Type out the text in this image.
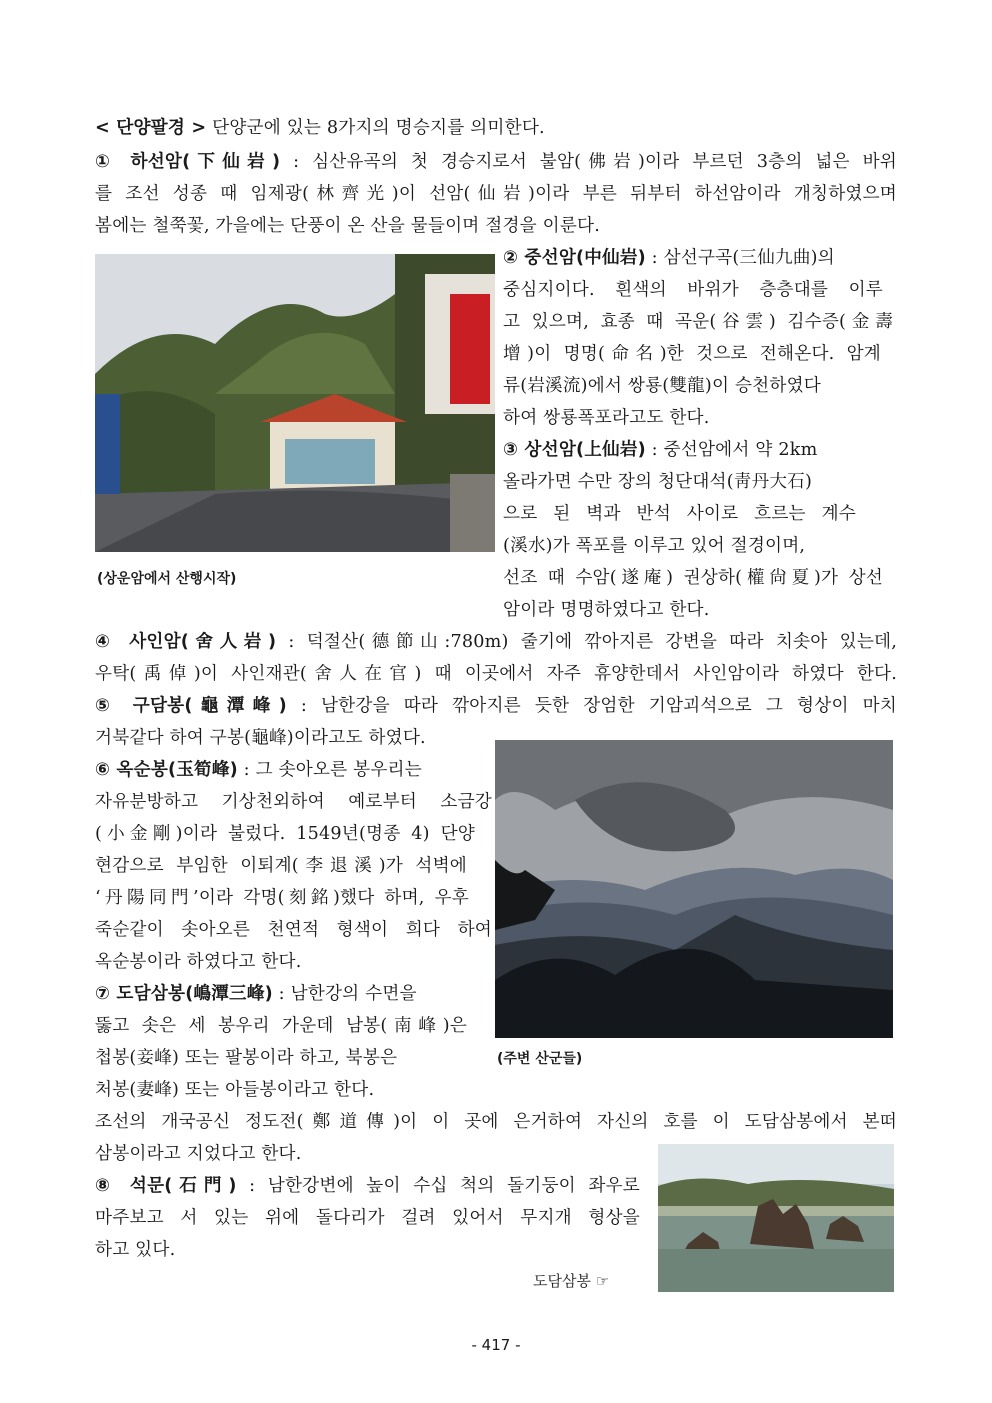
< 단양팔경 > 단양군에 있는 8가지의 명승지를 의미한다.
① 하선암(下仙岩) : 심산유곡의 첫 경승지로서 불암(佛岩)이라 부르던 3층의 넓은 바위
를 조선 성종 때 임제광(林齊光)이 선암(仙岩)이라 부른 뒤부터 하선암이라 개칭하였으며
봄에는 철쭉꽃, 가을에는 단풍이 온 산을 물들이며 절경을 이룬다.
(상운암에서 산행시작)
② 중선암(中仙岩) : 삼선구곡(三仙九曲)의
중심지이다. 흰색의 바위가 층층대를 이루
고 있으며, 효종 때 곡운(谷雲) 김수증(金壽
增)이 명명(命名)한 것으로 전해온다. 암계
류(岩溪流)에서 쌍룡(雙龍)이 승천하였다
하여 쌍룡폭포라고도 한다.
③ 상선암(上仙岩) : 중선암에서 약 2km
올라가면 수만 장의 청단대석(靑丹大石)
으로 된 벽과 반석 사이로 흐르는 계수
(溪水)가 폭포를 이루고 있어 절경이며,
선조 때 수암(遂庵) 권상하(權尙夏)가 상선
암이라 명명하였다고 한다.
④ 사인암(舍人岩) : 덕절산(德節山:780m) 줄기에 깎아지른 강변을 따라 치솟아 있는데,
우탁(禹倬)이 사인재관(舍人在官) 때 이곳에서 자주 휴양한데서 사인암이라 하였다 한다.
⑤ 구담봉(龜潭峰) : 남한강을 따라 깎아지른 듯한 장엄한 기암괴석으로 그 형상이 마치
거북같다 하여 구봉(龜峰)이라고도 하였다.
(주변 산군들)
⑥ 옥순봉(玉筍峰) : 그 솟아오른 봉우리는
자유분방하고 기상천외하여 예로부터 소금강
(小金剛)이라 불렀다. 1549년(명종 4) 단양
현감으로 부임한 이퇴계(李退溪)가 석벽에
‘丹陽同門’이라 각명(刻銘)했다 하며, 우후
죽순같이 솟아오른 천연적 형색이 희다 하여
옥순봉이라 하였다고 한다.
⑦ 도담삼봉(嶋潭三峰) : 남한강의 수면을
뚫고 솟은 세 봉우리 가운데 남봉(南峰)은
첩봉(妾峰) 또는 팔봉이라 하고, 북봉은
처봉(妻峰) 또는 아들봉이라고 한다.
조선의 개국공신 정도전(鄭道傳)이 이 곳에 은거하여 자신의 호를 이 도담삼봉에서 본떠
삼봉이라고 지었다고 한다.
⑧ 석문(石門) : 남한강변에 높이 수십 척의 돌기둥이 좌우로
마주보고 서 있는 위에 돌다리가 걸려 있어서 무지개 형상을
하고 있다.
도담삼봉 ☞
- 417 -
